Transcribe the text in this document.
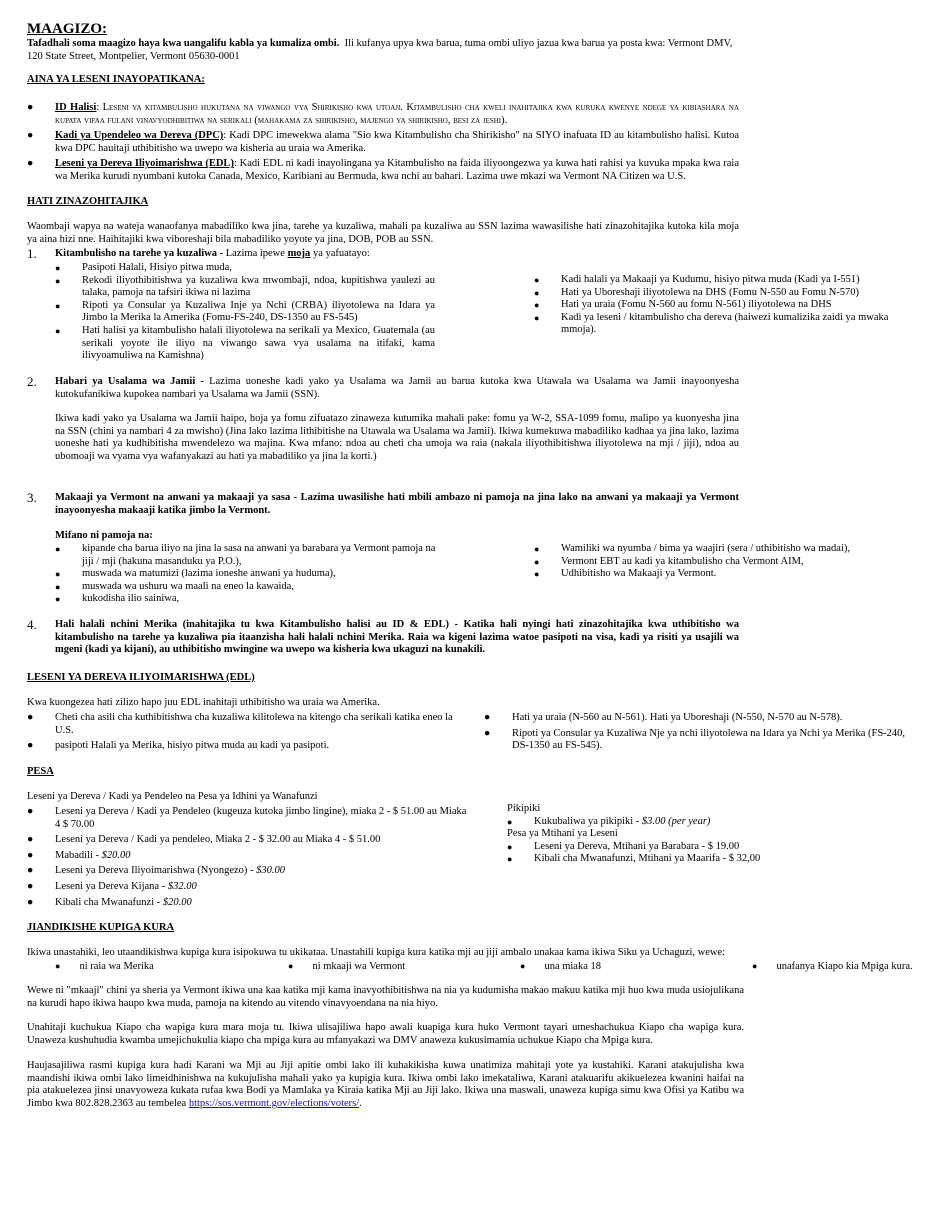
MAAGIZO:
Tafadhali soma maagizo haya kwa uangalifu kabla ya kumaliza ombi. Ili kufanya upya kwa barua, tuma ombi uliyo jazua kwa barua ya posta kwa: Vermont DMV, 120 State Street, Montpelier, Vermont 05630-0001
AINA YA LESENI INAYOPATIKANA:
● ID Halisi: Leseni ya kitambulisho hukutana na viwango vya Shirikisho kwa utoaji. Kitambulisho cha kweli inahitajika kwa kuruka kwenye ndege ya kibiashara na kupata vifaa fulani vinavyodhibitiwa na serikali (mahakama za shirikisho, majengo ya shirikisho, besi za jeshi).
● Kadi ya Upendeleo wa Dereva (DPC): Kadi DPC imewekwa alama "Sio kwa Kitambulisho cha Shirikisho" na SIYO inafuata ID au kitambulisho halisi. Kutoa kwa DPC hauitaji uthibitisho wa uwepo wa kisheria au uraia wa Amerika.
● Leseni ya Dereva Iliyoimarishwa (EDL): Kadi EDL ni kadi inayolingana ya Kitambulisho na faida iliyoongezwa ya kuwa hati rahisi ya kuvuka mpaka kwa raia wa Merika kurudi nyumbani kutoka Canada, Mexico, Karibiani au Bermuda, kwa nchi au bahari. Lazima uwe mkazi wa Vermont NA Citizen wa U.S.
HATI ZINAZOHITAJIKA
Waombaji wapya na wateja wanaofanya mabadiliko kwa jina, tarehe ya kuzaliwa, mahali pa kuzaliwa au SSN lazima wawasilishe hati zinazohitajika kutoka kila moja ya aina hizi nne. Haihitajiki kwa viboreshaji bila mabadiliko yoyote ya jina, DOB, POB au SSN.
1. Kitambulisho na tarehe ya kuzaliwa - Lazima ipewe moja ya yafuatayo:
● Pasipoti Halali, Hisiyo pitwa muda,
● Rekodi iliyothibitishwa ya kuzaliwa kwa mwombaji, ndoa, kupitishwa yaulezi au talaka, pamoja na tafsiri ikiwa ni lazima
● Ripoti ya Consular ya Kuzaliwa Inje ya Nchi (CRBA) iliyotolewa na Idara ya Jimbo la Merika la Amerika (Fomu-FS-240, DS-1350 au FS-545)
● Hati halisi ya kitambulisho halali iliyotolewa na serikali ya Mexico, Guatemala (au serikali yoyote ile iliyo na viwango sawa vya usalama na itifaki, kama ilivyoamuliwa na Kamishna)
● Kadi halali ya Makaaji ya Kudumu, hisiyo pitwa muda (Kadi ya I-551)
● Hati ya Uboreshaji iliyotolewa na DHS (Fomu N-550 au Fomu N-570)
● Hati ya uraia (Fomu N-560 au fomu N-561) iliyotolewa na DHS
● Kadi ya leseni / kitambulisho cha dereva (haiwezi kumalizika zaidi ya mwaka mmoja).
2. Habari ya Usalama wa Jamii - Lazima uoneshe kadi yako ya Usalama wa Jamii au barua kutoka kwa Utawala wa Usalama wa Jamii inayoonyesha kutokufanikiwa kupokea nambari ya Usalama wa Jamii (SSN).
Ikiwa kadi yako ya Usalama wa Jamii haipo, hoja ya fomu zifuatazo zinaweza kutumika mahali pake: fomu ya W-2, SSA-1099 fomu, malipo ya kuonyesha jina na SSN (chini ya nambari 4 za mwisho) (Jina lako lazima lithibitishe na Utawala wa Usalama wa Jamii). Ikiwa kumekuwa mabadiliko kadhaa ya jina lako, lazima uoneshe hati ya kudhibitisha mwendelezo wa majina. Kwa mfano: ndoa au cheti cha umoja wa raia (nakala iliyothibitishwa iliyotolewa na mji / jiji), ndoa au ubomoaji wa vyama vya wafanyakazi au hati ya mabadiliko ya jina la korti.)
3. Makaaji ya Vermont na anwani ya makaaji ya sasa - Lazima uwasilishe hati mbili ambazo ni pamoja na jina lako na anwani ya makaaji ya Vermont inayoonyesha makaaji katika jimbo la Vermont.
Mifano ni pamoja na:
● kipande cha barua iliyo na jina la sasa na anwani ya barabara ya Vermont pamoja na jiji / mji (hakuna masanduku ya P.O.),
● muswada wa matumizi (lazima ioneshe anwani ya huduma),
● muswada wa ushuru wa maali na eneo la kawaida,
● kukodisha ilio sainiwa,
● Wamiliki wa nyumba / bima ya waajiri (sera / uthibitisho wa madai),
● Vermont EBT au kadi ya kitambulisho cha Vermont AIM,
● Udhibitisho wa Makaaji ya Vermont.
4. Hali halali nchini Merika (inahitajika tu kwa Kitambulisho halisi au ID & EDL) - Katika hali nyingi hati zinazohitajika kwa uthibitisho wa kitambulisho na tarehe ya kuzaliwa pia itaanzisha hali halali nchini Merika. Raia wa kigeni lazima watoe pasipoti na visa, kadi ya risiti ya usajili wa mgeni (kadi ya kijani), au uthibitisho mwingine wa uwepo wa kisheria kwa ukaguzi na kunakili.
LESENI YA DEREVA ILIYOIMARISHWA (EDL)
Kwa kuongezea hati zilizo hapo juu EDL inahitaji uthibitisho wa uraia wa Amerika.
● Cheti cha asili cha kuthibitishwa cha kuzaliwa kilitolewa na kitengo cha serikali katika eneo la U.S.
● pasipoti Halali ya Merika, hisiyo pitwa muda au kadi ya pasipoti.
● Hati ya uraia (N-560 au N-561). Hati ya Uboreshaji (N-550, N-570 au N-578).
● Ripoti ya Consular ya Kuzaliwa Nje ya nchi iliyotolewa na Idara ya Nchi ya Merika (FS-240, DS-1350 au FS-545).
PESA
Leseni ya Dereva / Kadi ya Pendeleo na Pesa ya Idhini ya Wanafunzi
● Leseni ya Dereva / Kadi ya Pendeleo (kugeuza kutoka jimbo lingine), miaka 2 - $ 51.00 au Miaka 4 $ 70.00
● Leseni ya Dereva / Kadi ya pendeleo, Miaka 2 - $ 32.00 au Miaka 4 - $ 51.00
● Mabadili - $20.00
● Leseni ya Dereva Iliyoimarishwa (Nyongezo) - $30.00
● Leseni ya Dereva Kijana - $32.00
● Kibali cha Mwanafunzi - $20.00
Pikipiki
● Kukubaliwa ya pikipiki - $3.00 (per year)
Pesa ya Mtihani ya Leseni
● Leseni ya Dereva, Mtihani ya Barabara - $ 19.00
● Kibali cha Mwanafunzi, Mtihani ya Maarifa - $ 32,00
JIANDIKISHE KUPIGA KURA
Ikiwa unastahiki, leo utaandikishwa kupiga kura isipokuwa tu ukikataa. Unastahili kupiga kura katika mji au jiji ambalo unakaa kama ikiwa Siku ya Uchaguzi, wewe:
● ni raia wa Merika	● ni mkaaji wa Vermont	● una miaka 18	● unafanya Kiapo kia Mpiga kura.
Wewe ni "mkaaji" chini ya sheria ya Vermont ikiwa una kaa katika mji kama inavyothibitishwa na nia ya kudumisha makao makuu katika mji huo kwa muda usiojulikana na kurudi hapo ikiwa haupo kwa muda, pamoja na kitendo au vitendo vinavyoendana na nia hiyo.
Unahitaji kuchukua Kiapo cha wapiga kura mara moja tu. Ikiwa ulisajiliwa hapo awali kuapiga kura huko Vermont tayari umeshachukua Kiapo cha wapiga kura. Unaweza kushuhudia kwamba umejichukulia kiapo cha mpiga kura au mfanyakazi wa DMV anaweza kukusimamia uchukue Kiapo cha Mpiga kura.
Haujasajiliwa rasmi kupiga kura hadi Karani wa Mji au Jiji apitie ombi lako ili kuhakikisha kuwa unatimiza mahitaji yote ya kustahiki. Karani atakujulisha kwa maandishi ikiwa ombi lako limeidhinishwa na kukujulisha mahali yako ya kupigia kura. Ikiwa ombi lako imekataliwa, Karani atakuarifu akikuelezea kwanini haifai na pia atakuelezea jinsi unavyoweza kukata rufaa kwa Bodi ya Mamlaka ya Kiraia katika Mji au Jiji lako. Ikiwa una maswali, unaweza kupiga simu kwa Ofisi ya Katibu wa Jimbo kwa 802.828.2363 au tembelea https://sos.vermont.gov/elections/voters/.
